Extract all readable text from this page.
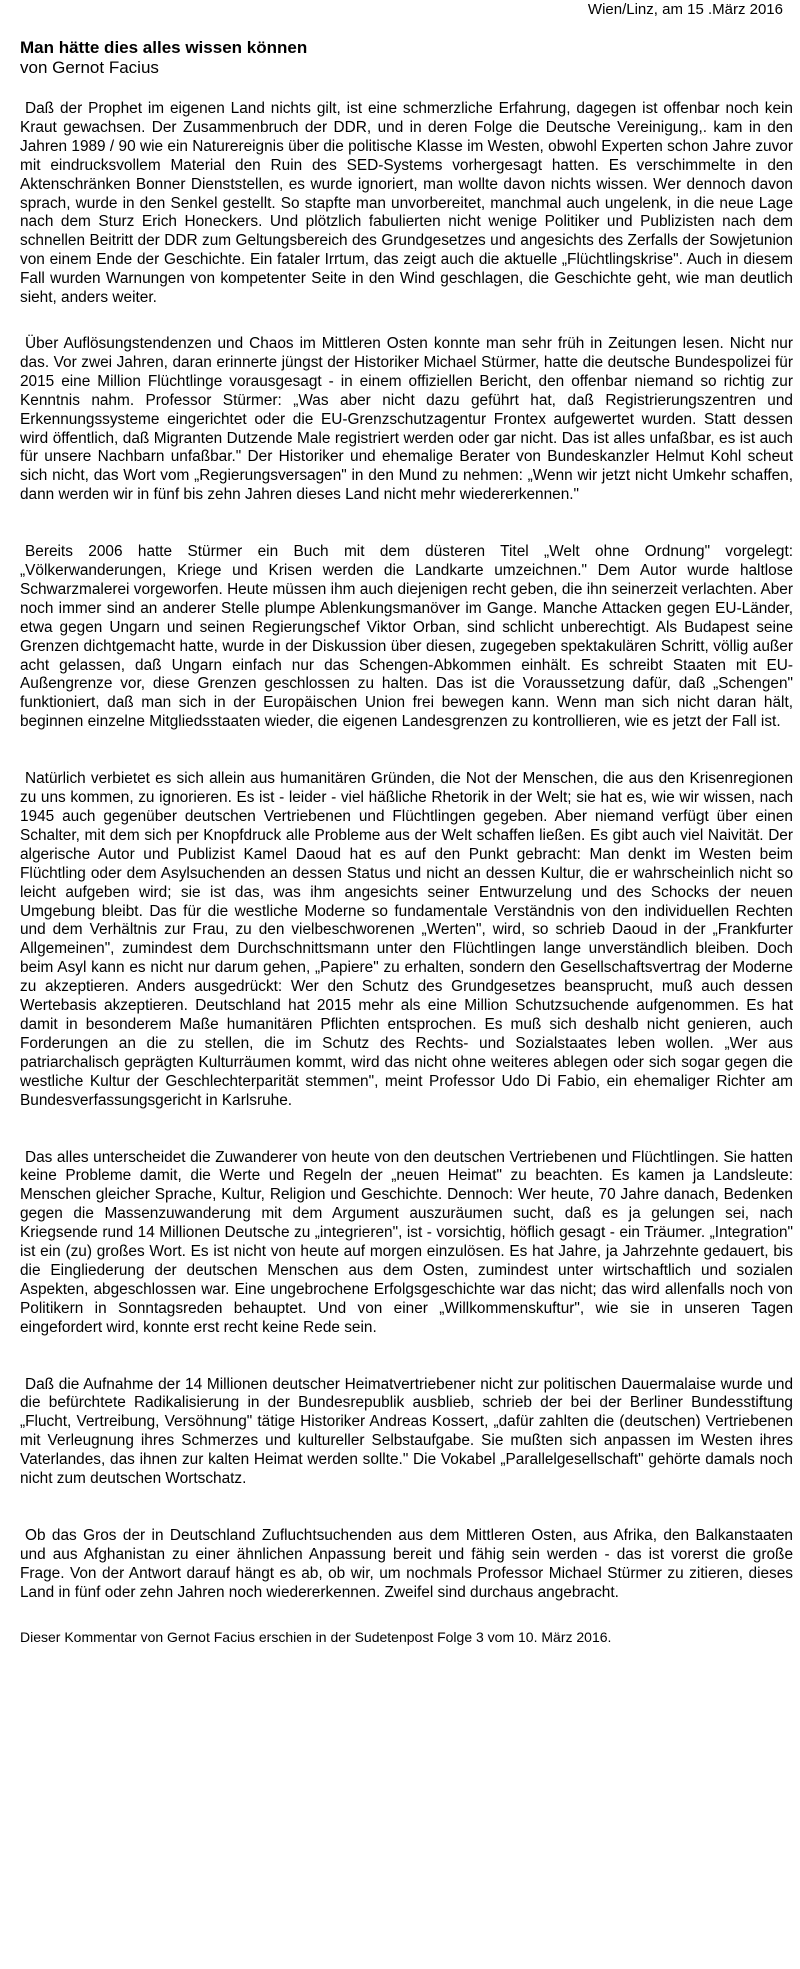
Wien/Linz, am 15 .März 2016
Man hätte dies alles wissen können
von Gernot Facius

Daß der Prophet im eigenen Land nichts gilt, ist eine schmerzliche Erfahrung, dagegen ist offenbar noch kein Kraut gewachsen. Der Zusammenbruch der DDR, und in deren Folge die Deutsche Vereinigung,. kam in den Jahren 1989 / 90 wie ein Naturereignis über die politische Klasse im Westen, obwohl Experten schon Jahre zuvor mit eindrucksvollem Material den Ruin des SED-Systems vorhergesagt hatten. Es verschimmelte in den Aktenschränken Bonner Dienststellen, es wurde ignoriert, man wollte davon nichts wissen. Wer dennoch davon sprach, wurde in den Senkel gestellt. So stapfte man unvorbereitet, manchmal auch ungelenk, in die neue Lage nach dem Sturz Erich Honeckers. Und plötzlich fabulierten nicht wenige Politiker und Publizisten nach dem schnellen Beitritt der DDR zum Geltungsbereich des Grundgesetzes und angesichts des Zerfalls der Sowjetunion von einem Ende der Geschichte. Ein fataler Irrtum, das zeigt auch die aktuelle „Flüchtlingskrise". Auch in diesem Fall wurden Warnungen von kompetenter Seite in den Wind geschlagen, die Geschichte geht, wie man deutlich sieht, anders weiter.

Über Auflösungstendenzen und Chaos im Mittleren Osten konnte man sehr früh in Zeitungen lesen. Nicht nur das. Vor zwei Jahren, daran erinnerte jüngst der Historiker Michael Stürmer, hatte die deutsche Bundespolizei für 2015 eine Million Flüchtlinge vorausgesagt - in einem offiziellen Bericht, den offenbar niemand so richtig zur Kenntnis nahm. Professor Stürmer: „Was aber nicht dazu geführt hat, daß Registrierungszentren und Erkennungssysteme eingerichtet oder die EU-Grenzschutzagentur Frontex aufgewertet wurden. Statt dessen wird öffentlich, daß Migranten Dutzende Male registriert werden oder gar nicht. Das ist alles unfaßbar, es ist auch für unsere Nachbarn unfaßbar." Der Historiker und ehemalige Berater von Bundeskanzler Helmut Kohl scheut sich nicht, das Wort vom „Regierungsversagen" in den Mund zu nehmen: „Wenn wir jetzt nicht Umkehr schaffen, dann werden wir in fünf bis zehn Jahren dieses Land nicht mehr wiedererkennen."

Bereits 2006 hatte Stürmer ein Buch mit dem düsteren Titel „Welt ohne Ordnung" vorgelegt: „Völkerwanderungen, Kriege und Krisen werden die Landkarte umzeichnen." Dem Autor wurde haltlose Schwarzmalerei vorgeworfen. Heute müssen ihm auch diejenigen recht geben, die ihn seinerzeit verlachten. Aber noch immer sind an anderer Stelle plumpe Ablenkungsmanöver im Gange. Manche Attacken gegen EU-Länder, etwa gegen Ungarn und seinen Regierungschef Viktor Orban, sind schlicht unberechtigt. Als Budapest seine Grenzen dichtgemacht hatte, wurde in der Diskussion über diesen, zugegeben spektakulären Schritt, völlig außer acht gelassen, daß Ungarn einfach nur das Schengen-Abkommen einhält. Es schreibt Staaten mit EU-Außengrenze vor, diese Grenzen geschlossen zu halten. Das ist die Voraussetzung dafür, daß „Schengen" funktioniert, daß man sich in der Europäischen Union frei bewegen kann. Wenn man sich nicht daran hält, beginnen einzelne Mitgliedsstaaten wieder, die eigenen Landesgrenzen zu kontrollieren, wie es jetzt der Fall ist.

Natürlich verbietet es sich allein aus humanitären Gründen, die Not der Menschen, die aus den Krisenregionen zu uns kommen, zu ignorieren. Es ist - leider - viel häßliche Rhetorik in der Welt; sie hat es, wie wir wissen, nach 1945 auch gegenüber deutschen Vertriebenen und Flüchtlingen gegeben. Aber niemand verfügt über einen Schalter, mit dem sich per Knopfdruck alle Probleme aus der Welt schaffen ließen. Es gibt auch viel Naivität. Der algerische Autor und Publizist Kamel Daoud hat es auf den Punkt gebracht: Man denkt im Westen beim Flüchtling oder dem Asylsuchenden an dessen Status und nicht an dessen Kultur, die er wahrscheinlich nicht so leicht aufgeben wird; sie ist das, was ihm angesichts seiner Entwurzelung und des Schocks der neuen Umgebung bleibt. Das für die westliche Moderne so fundamentale Verständnis von den individuellen Rechten und dem Verhältnis zur Frau, zu den vielbeschworenen „Werten", wird, so schrieb Daoud in der „Frankfurter Allgemeinen", zumindest dem Durchschnittsmann unter den Flüchtlingen lange unverständlich bleiben. Doch beim Asyl kann es nicht nur darum gehen, „Papiere" zu erhalten, sondern den Gesellschaftsvertrag der Moderne zu akzeptieren. Anders ausgedrückt: Wer den Schutz des Grundgesetzes beansprucht, muß auch dessen Wertebasis akzeptieren. Deutschland hat 2015 mehr als eine Million Schutzsuchende aufgenommen. Es hat damit in besonderem Maße humanitären Pflichten entsprochen. Es muß sich deshalb nicht genieren, auch Forderungen an die zu stellen, die im Schutz des Rechts- und Sozialstaates leben wollen. „Wer aus patriarchalisch geprägten Kulturräumen kommt, wird das nicht ohne weiteres ablegen oder sich sogar gegen die westliche Kultur der Geschlechterparität stemmen", meint Professor Udo Di Fabio, ein ehemaliger Richter am Bundesverfassungsgericht in Karlsruhe.

Das alles unterscheidet die Zuwanderer von heute von den deutschen Vertriebenen und Flüchtlingen. Sie hatten keine Probleme damit, die Werte und Regeln der „neuen Heimat" zu beachten. Es kamen ja Landsleute: Menschen gleicher Sprache, Kultur, Religion und Geschichte. Dennoch: Wer heute, 70 Jahre danach, Bedenken gegen die Massenzuwanderung mit dem Argument auszuräumen sucht, daß es ja gelungen sei, nach Kriegsende rund 14 Millionen Deutsche zu „integrieren", ist - vorsichtig, höflich gesagt - ein Träumer. „Integration" ist ein (zu) großes Wort. Es ist nicht von heute auf morgen einzulösen. Es hat Jahre, ja Jahrzehnte gedauert, bis die Eingliederung der deutschen Menschen aus dem Osten, zumindest unter wirtschaftlich und sozialen Aspekten, abgeschlossen war. Eine ungebrochene Erfolgsgeschichte war das nicht; das wird allenfalls noch von Politikern in Sonntagsreden behauptet. Und von einer „Willkommenskuftur", wie sie in unseren Tagen eingefordert wird, konnte erst recht keine Rede sein.

Daß die Aufnahme der 14 Millionen deutscher Heimatvertriebener nicht zur politischen Dauermalaise wurde und die befürchtete Radikalisierung in der Bundesrepublik ausblieb, schrieb der bei der Berliner Bundesstiftung „Flucht, Vertreibung, Versöhnung" tätige Historiker Andreas Kossert, „dafür zahlten die (deutschen) Vertriebenen mit Verleugnung ihres Schmerzes und kultureller Selbstaufgabe. Sie mußten sich anpassen im Westen ihres Vaterlandes, das ihnen zur kalten Heimat werden sollte." Die Vokabel „Parallelgesellschaft" gehörte damals noch nicht zum deutschen Wortschatz.

Ob das Gros der in Deutschland Zufluchtsuchenden aus dem Mittleren Osten, aus Afrika, den Balkanstaaten und aus Afghanistan zu einer ähnlichen Anpassung bereit und fähig sein werden - das ist vorerst die große Frage. Von der Antwort darauf hängt es ab, ob wir, um nochmals Professor Michael Stürmer zu zitieren, dieses Land in fünf oder zehn Jahren noch wiedererkennen. Zweifel sind durchaus angebracht.

Dieser Kommentar von Gernot Facius erschien in der Sudetenpost Folge 3 vom 10. März 2016.
